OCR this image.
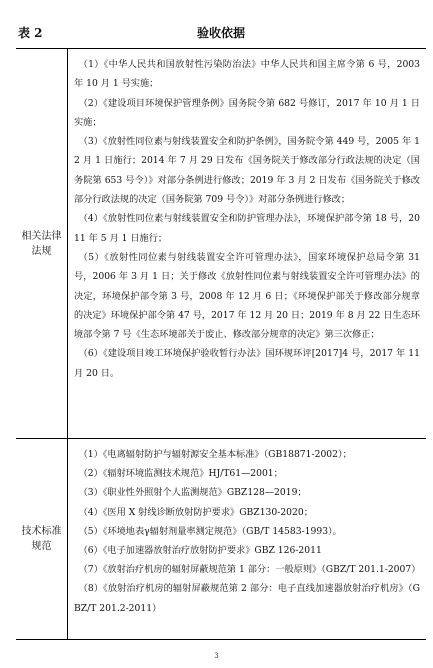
表 2	验收依据
相关法律法规

（1）《中华人民共和国放射性污染防治法》中华人民共和国主席令第 6 号，2003 年 10 月 1 号实施；

（2）《建设项目环境保护管理条例》国务院令第 682 号修订，2017 年 10 月 1 日实施；

（3）《放射性同位素与射线装置安全和防护条例》，国务院令第 449 号，2005 年 12 月 1 日施行；2014 年 7 月 29 日发布《国务院关于修改部分行政法规的决定（国务院第 653 号令）》对部分条例进行修改；2019 年 3 月 2 日发布《国务院关于修改部分行政法规的决定（国务院第 709 号令）》对部分条例进行修改；

（4）《放射性同位素与射线装置安全和防护管理办法》，环境保护部令第 18 号，2011 年 5 月 1 日施行；

（5）《放射性同位素与射线装置安全许可管理办法》，国家环境保护总局令第 31 号，2006 年 3 月 1 日；关于修改《放射性同位素与射线装置安全许可管理办法》的决定，环境保护部令第 3 号，2008 年 12 月 6 日；《环境保护部关于修改部分规章的决定》环境保护部令第 47 号，2017 年 12 月 20 日；2019 年 8 月 22 日生态环境部令第 7 号《生态环境部关于废止、修改部分规章的决定》第三次修正；

（6）《建设项目竣工环境保护验收暂行办法》国环规环评[2017]4 号，2017 年 11 月 20 日。

技术标准规范

（1）《电离辐射防护与辐射源安全基本标准》（GB18871-2002）；

（2）《辐射环境监测技术规范》HJ/T61—2001；

（3）《职业性外照射个人监测规范》GBZ128—2019；

（4）《医用 X 射线诊断放射防护要求》GBZ130-2020；

（5）《环境地表γ辐射剂量率测定规范》（GB/T 14583-1993）。

（6）《电子加速器放射治疗放射防护要求》GBZ 126-2011

（7）《放射治疗机房的辐射屏蔽规范第 1 部分：一般原则》（GBZ/T 201.1-2007）

（8）《放射治疗机房的辐射屏蔽规范第 2 部分：电子直线加速器放射治疗机房》（GBZ/T 201.2-2011）

3
